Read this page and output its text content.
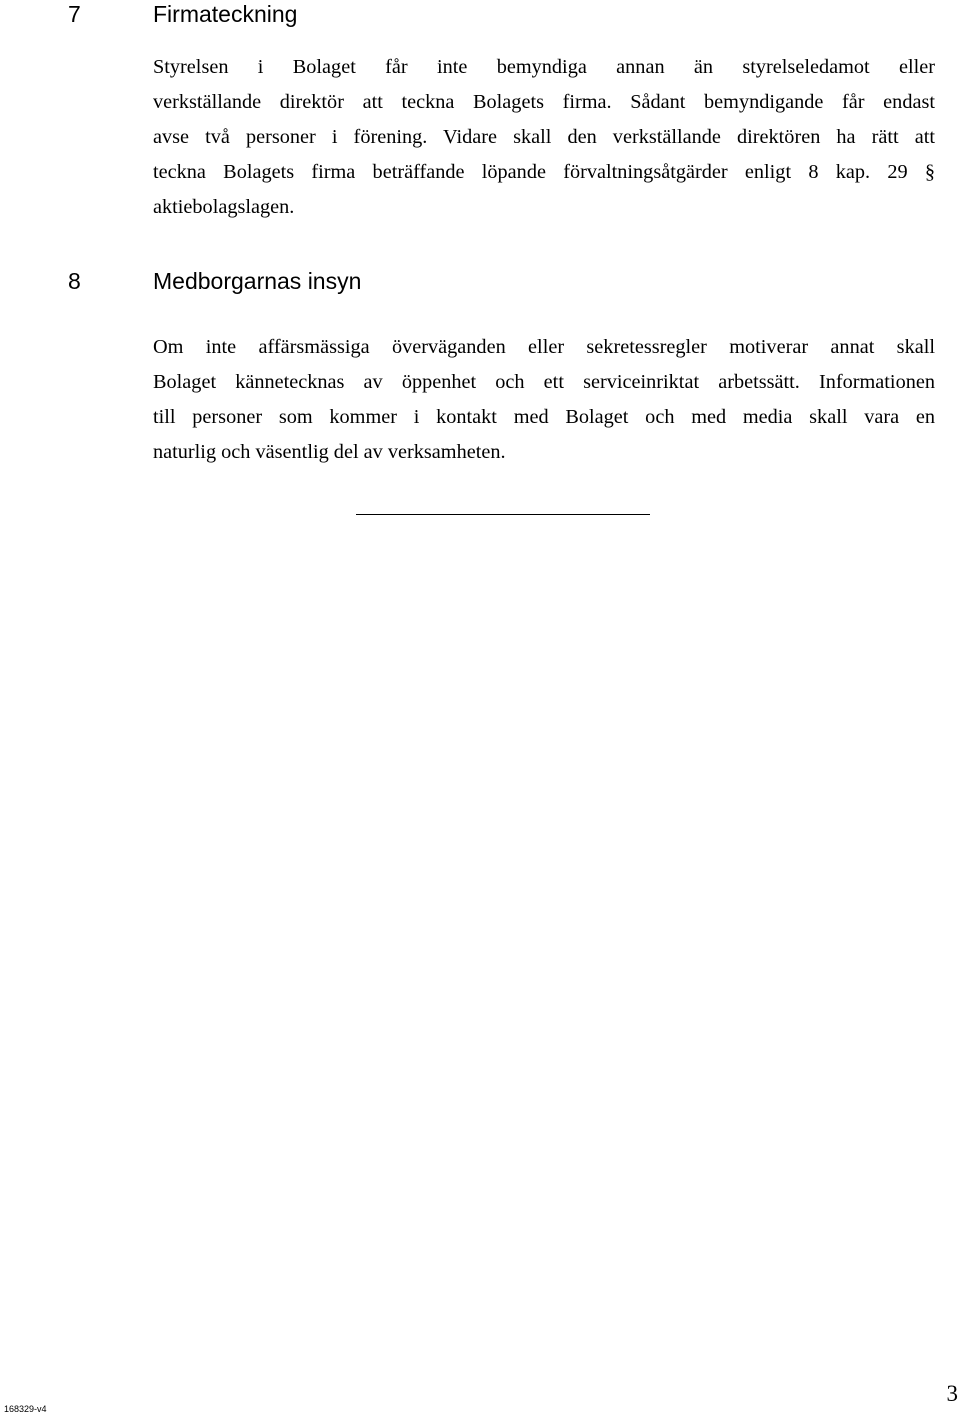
7	Firmateckning
Styrelsen i Bolaget får inte bemyndiga annan än styrelseledamot eller
verkställande direktör att teckna Bolagets firma. Sådant bemyndigande får endast
avse två personer i förening. Vidare skall den verkställande direktören ha rätt att
teckna Bolagets firma beträffande löpande förvaltningsåtgärder enligt 8 kap. 29 §
aktiebolagslagen.
8	Medborgarnas insyn
Om inte affärsmässiga överväganden eller sekretessregler motiverar annat skall
Bolaget kännetecknas av öppenhet och ett serviceinriktat arbetssätt. Informationen
till personer som kommer i kontakt med Bolaget och med media skall vara en
naturlig och väsentlig del av verksamheten.
168329-v4
3
